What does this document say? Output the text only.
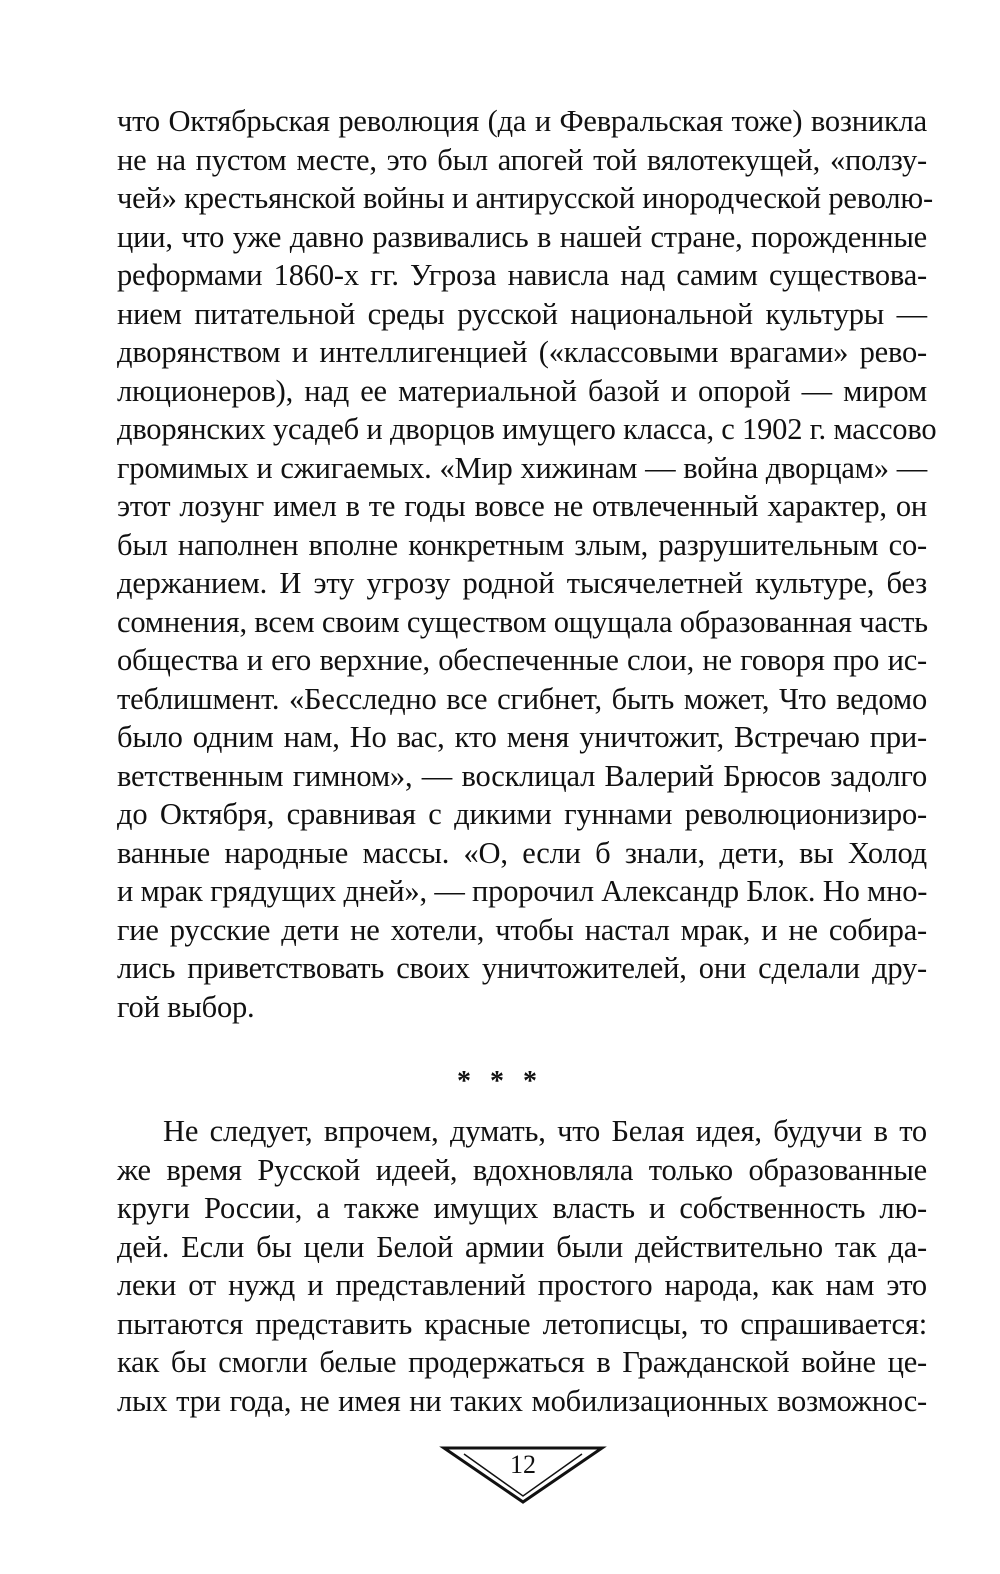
что Октябрьская революция (да и Февральская тоже) возникла
не на пустом месте, это был апогей той вялотекущей, «ползу-
чей» крестьянской войны и антирусской инородческой револю-
ции, что уже давно развивались в нашей стране, порожденные
реформами 1860-х гг. Угроза нависла над самим существова-
нием питательной среды русской национальной культуры —
дворянством и интеллигенцией («классовыми врагами» рево-
люционеров), над ее материальной базой и опорой — миром
дворянских усадеб и дворцов имущего класса, с 1902 г. массово
громимых и сжигаемых. «Мир хижинам — война дворцам» —
этот лозунг имел в те годы вовсе не отвлеченный характер, он
был наполнен вполне конкретным злым, разрушительным со-
держанием. И эту угрозу родной тысячелетней культуре, без
сомнения, всем своим существом ощущала образованная часть
общества и его верхние, обеспеченные слои, не говоря про ис-
теблишмент. «Бесследно все сгибнет, быть может, Что ведомо
было одним нам, Но вас, кто меня уничтожит, Встречаю при-
ветственным гимном», — восклицал Валерий Брюсов задолго
до Октября, сравнивая с дикими гуннами революционизиро-
ванные народные массы. «О, если б знали, дети, вы Холод
и мрак грядущих дней», — пророчил Александр Блок. Но мно-
гие русские дети не хотели, чтобы настал мрак, и не собира-
лись приветствовать своих уничтожителей, они сделали дру-
гой выбор.
* * *
Не следует, впрочем, думать, что Белая идея, будучи в то
же время Русской идеей, вдохновляла только образованные
круги России, а также имущих власть и собственность лю-
дей. Если бы цели Белой армии были действительно так да-
леки от нужд и представлений простого народа, как нам это
пытаются представить красные летописцы, то спрашивается:
как бы смогли белые продержаться в Гражданской войне це-
лых три года, не имея ни таких мобилизационных возможнос-
12
